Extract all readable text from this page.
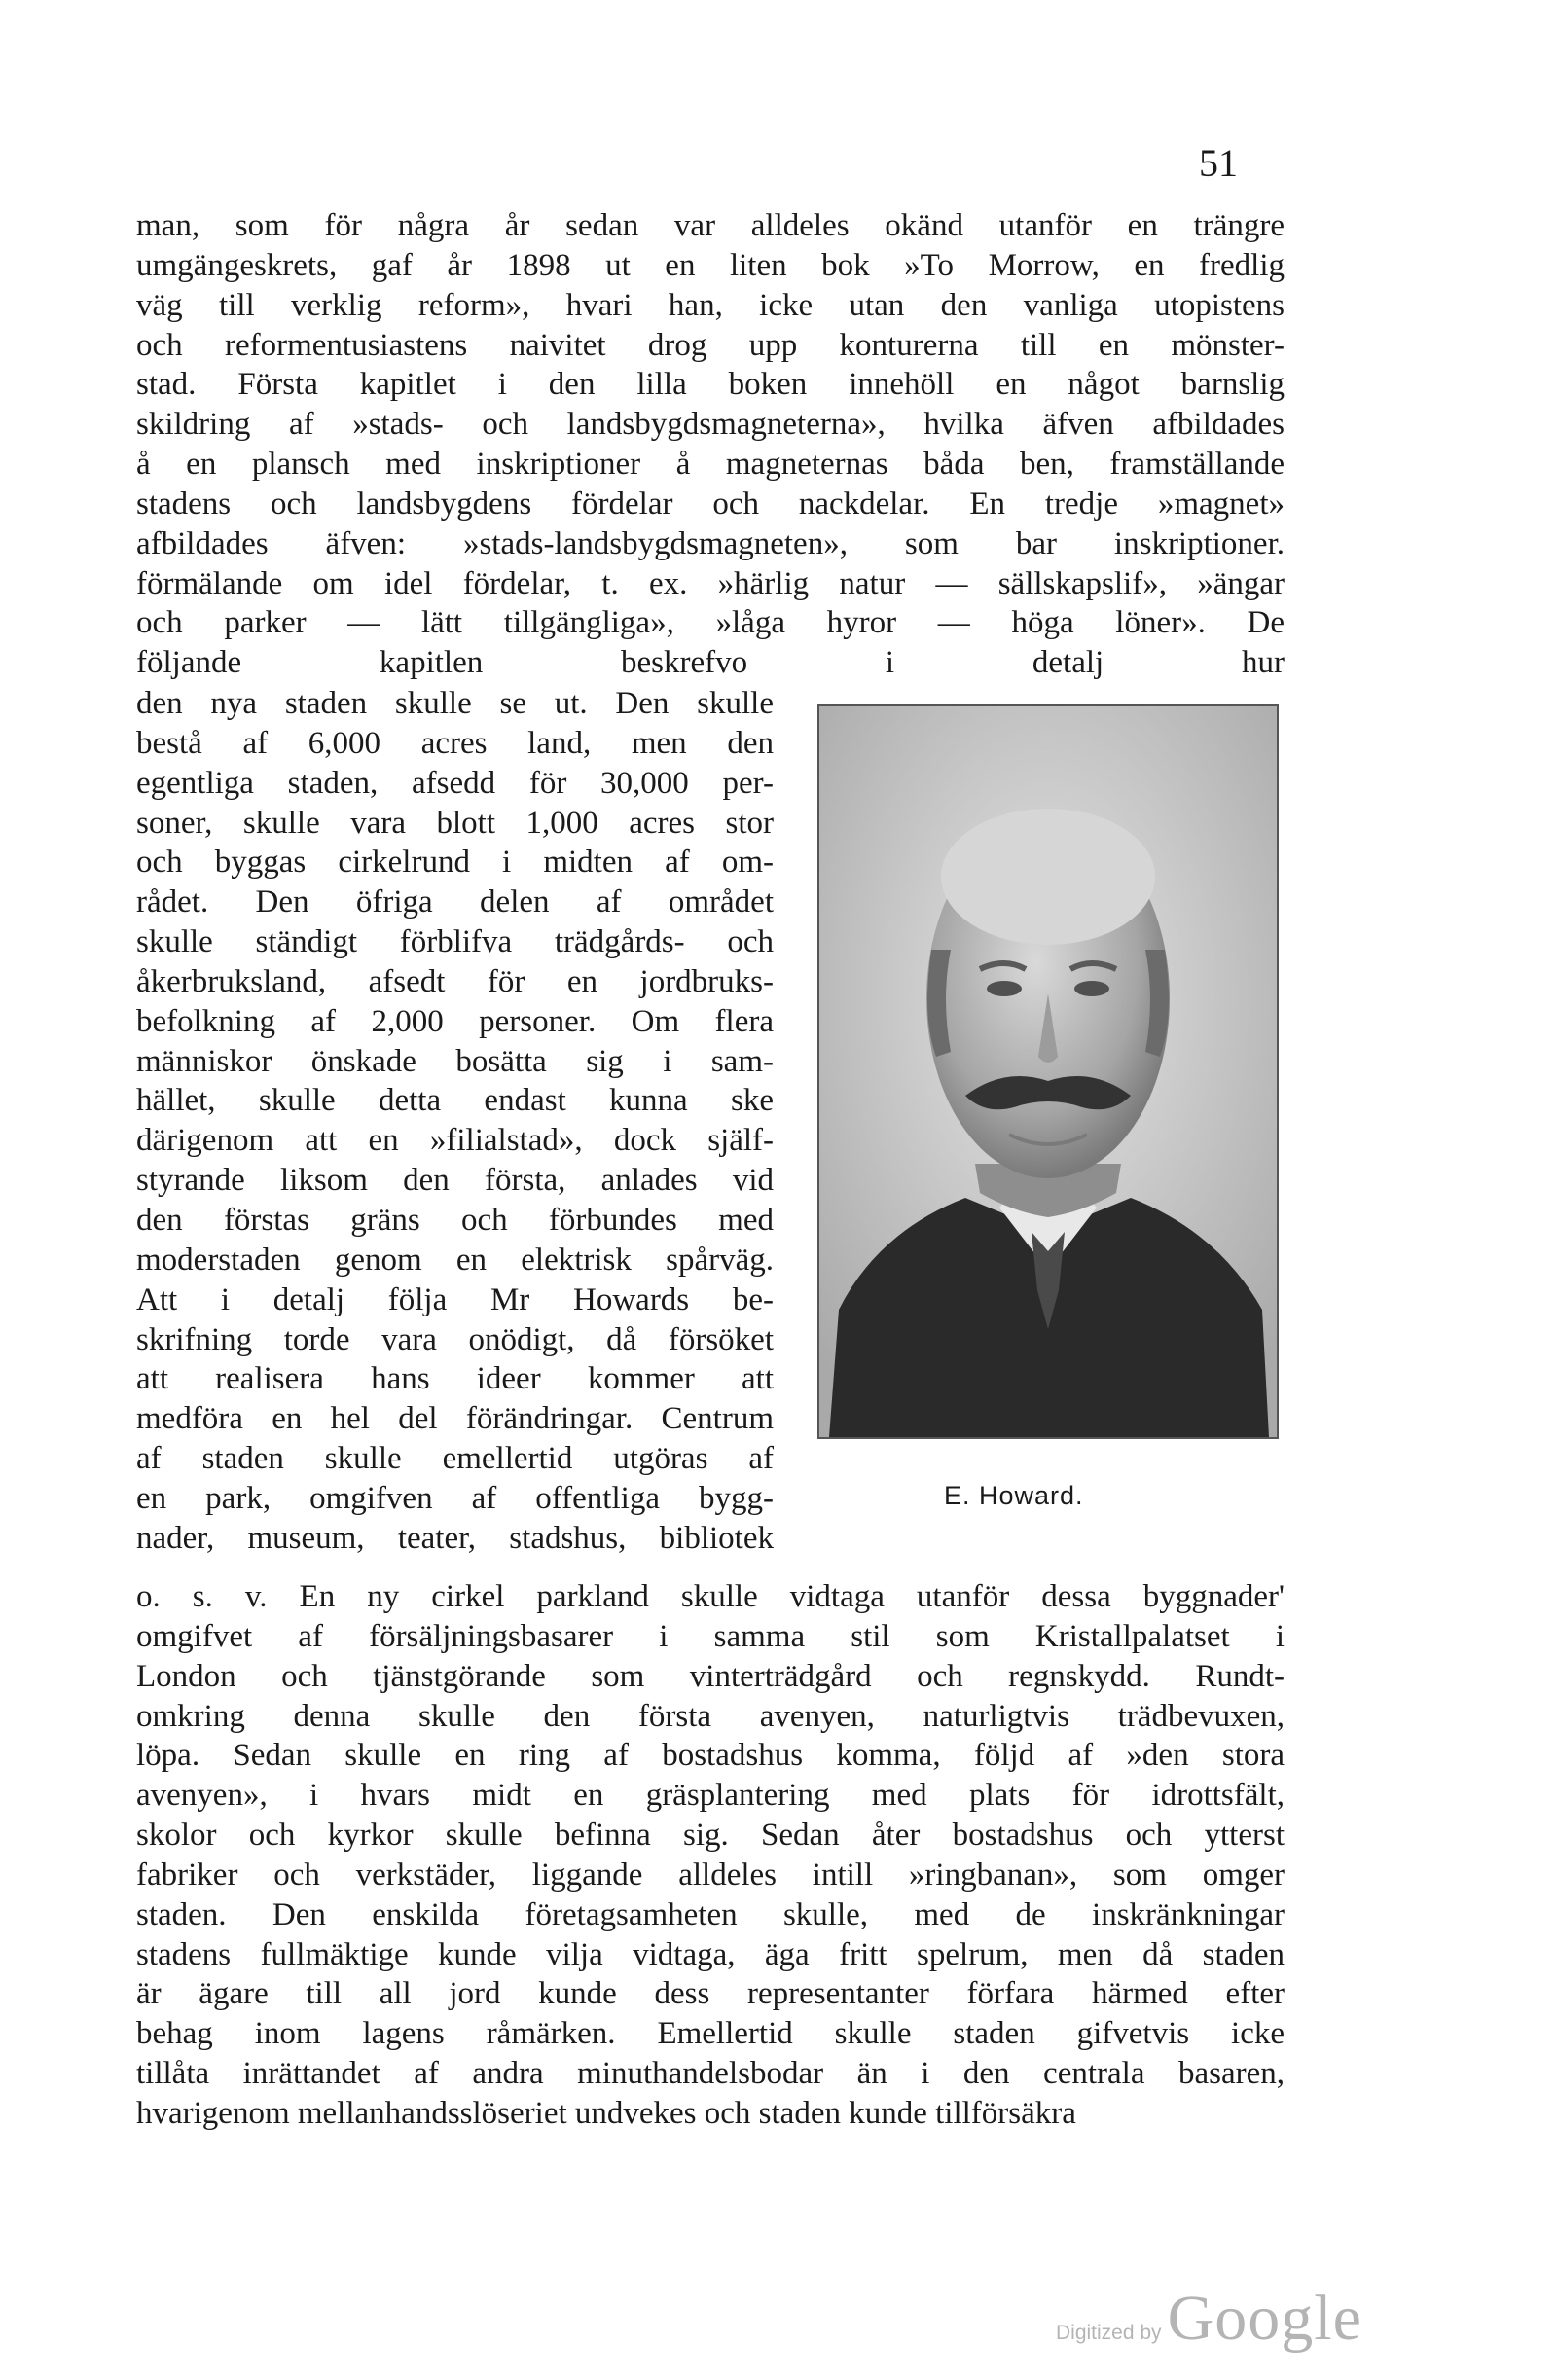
51
man, som för några år sedan var alldeles okänd utanför en trängre
umgängeskrets, gaf år 1898 ut en liten bok »To Morrow, en fredlig
väg till verklig reform», hvari han, icke utan den vanliga utopistens
och reformentusiastens naivitet drog upp konturerna till en mönster-
stad. Första kapitlet i den lilla boken innehöll en något barnslig
skildring af »stads- och landsbygdsmagneterna», hvilka äfven afbildades
å en plansch med inskriptioner å magneternas båda ben, framställande
stadens och landsbygdens fördelar och nackdelar. En tredje »magnet»
afbildades äfven: »stads-landsbygdsmagneten», som bar inskriptioner.
förmälande om idel fördelar, t. ex. »härlig natur — sällskapslif», »ängar
och parker — lätt tillgängliga», »låga hyror — höga löner». De
följande kapitlen beskrefvo i detalj hur
den nya staden skulle se ut. Den skulle
bestå af 6,000 acres land, men den
egentliga staden, afsedd för 30,000 per-
soner, skulle vara blott 1,000 acres stor
och byggas cirkelrund i midten af om-
rådet. Den öfriga delen af området
skulle ständigt förblifva trädgårds- och
åkerbruksland, afsedt för en jordbruks-
befolkning af 2,000 personer. Om flera
människor önskade bosätta sig i sam-
hället, skulle detta endast kunna ske
därigenom att en »filialstad», dock själf-
styrande liksom den första, anlades vid
den förstas gräns och förbundes med
moderstaden genom en elektrisk spårväg.
Att i detalj följa Mr Howards be-
skrifning torde vara onödigt, då försöket
att realisera hans ideer kommer att
medföra en hel del förändringar. Centrum
af staden skulle emellertid utgöras af
en park, omgifven af offentliga bygg-
nader, museum, teater, stadshus, bibliotek
E. Howard.
o. s. v. En ny cirkel parkland skulle vidtaga utanför dessa byggnader'
omgifvet af försäljningsbasarer i samma stil som Kristallpalatset i
London och tjänstgörande som vinterträdgård och regnskydd. Rundt-
omkring denna skulle den första avenyen, naturligtvis trädbevuxen,
löpa. Sedan skulle en ring af bostadshus komma, följd af »den stora
avenyen», i hvars midt en gräsplantering med plats för idrottsfält,
skolor och kyrkor skulle befinna sig. Sedan åter bostadshus och ytterst
fabriker och verkstäder, liggande alldeles intill »ringbanan», som omger
staden. Den enskilda företagsamheten skulle, med de inskränkningar
stadens fullmäktige kunde vilja vidtaga, äga fritt spelrum, men då staden
är ägare till all jord kunde dess representanter förfara härmed efter
behag inom lagens råmärken. Emellertid skulle staden gifvetvis icke
tillåta inrättandet af andra minuthandelsbodar än i den centrala basaren,
hvarigenom mellanhandsslöseriet undvekes och staden kunde tillförsäkra
Digitized by Google
